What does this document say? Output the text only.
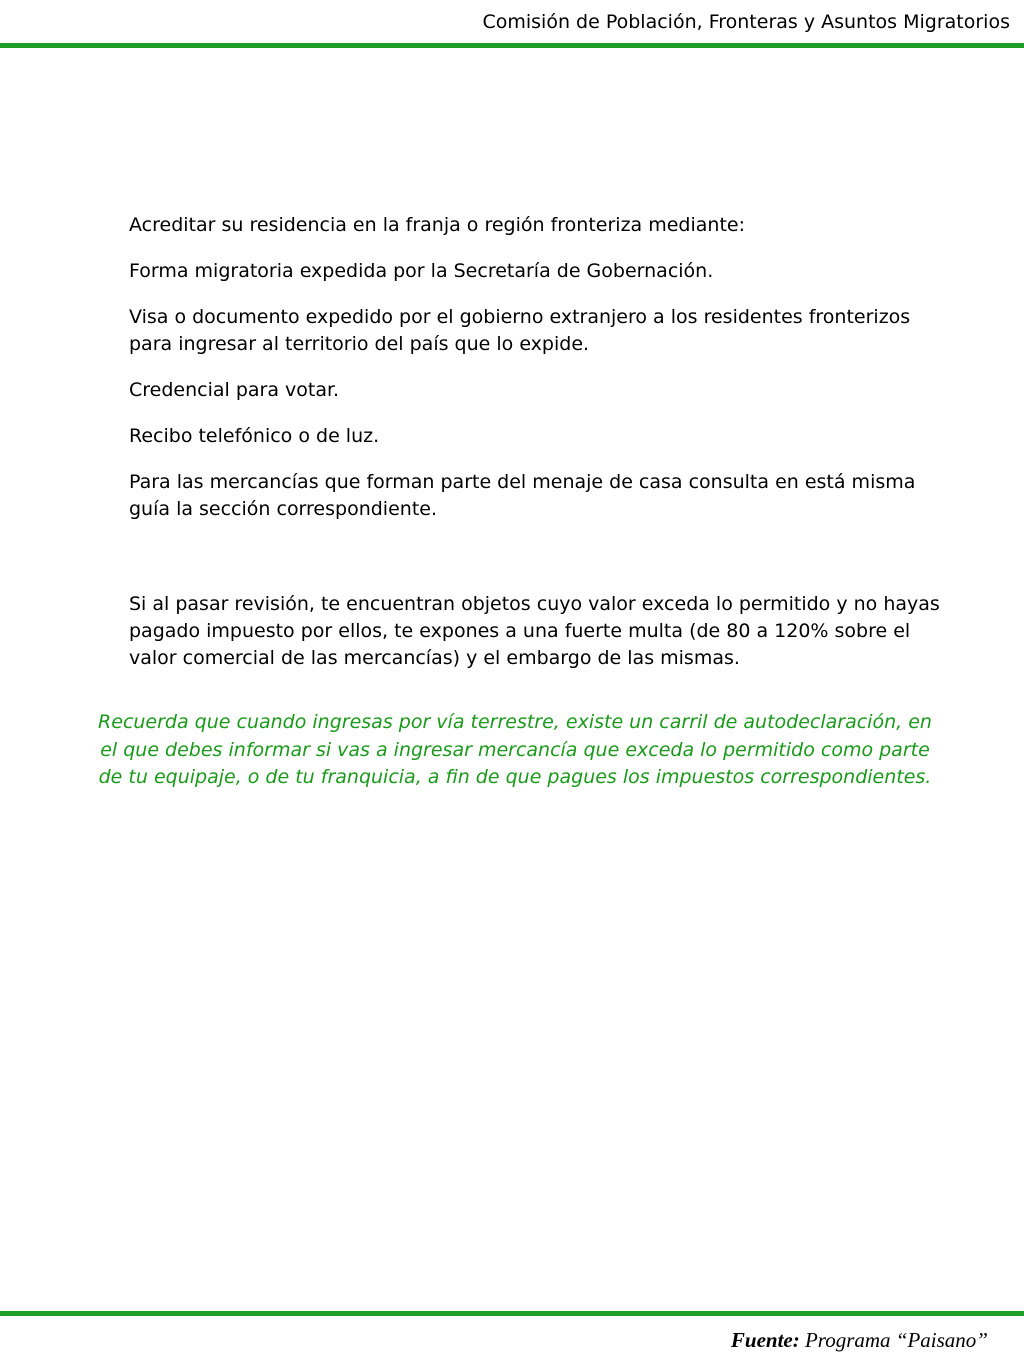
Comisión de Población, Fronteras y Asuntos Migratorios

Acreditar su residencia en la franja o región fronteriza mediante:

Forma migratoria expedida por la Secretaría de Gobernación.

Visa o documento expedido por el gobierno extranjero a los residentes fronterizos para ingresar al territorio del país que lo expide.

Credencial para votar.

Recibo telefónico o de luz.

Para las mercancías que forman parte del menaje de casa consulta en está misma guía la sección correspondiente.

Si al pasar revisión, te encuentran objetos cuyo valor exceda lo permitido y no hayas pagado impuesto por ellos, te expones a una fuerte multa (de 80 a 120% sobre el valor comercial de las mercancías) y el embargo de las mismas.

Recuerda que cuando ingresas por vía terrestre, existe un carril de autodeclaración, en el que debes informar si vas a ingresar mercancía que exceda lo permitido como parte de tu equipaje, o de tu franquicia, a fin de que pagues los impuestos correspondientes.
Fuente: Programa “Paisano”
